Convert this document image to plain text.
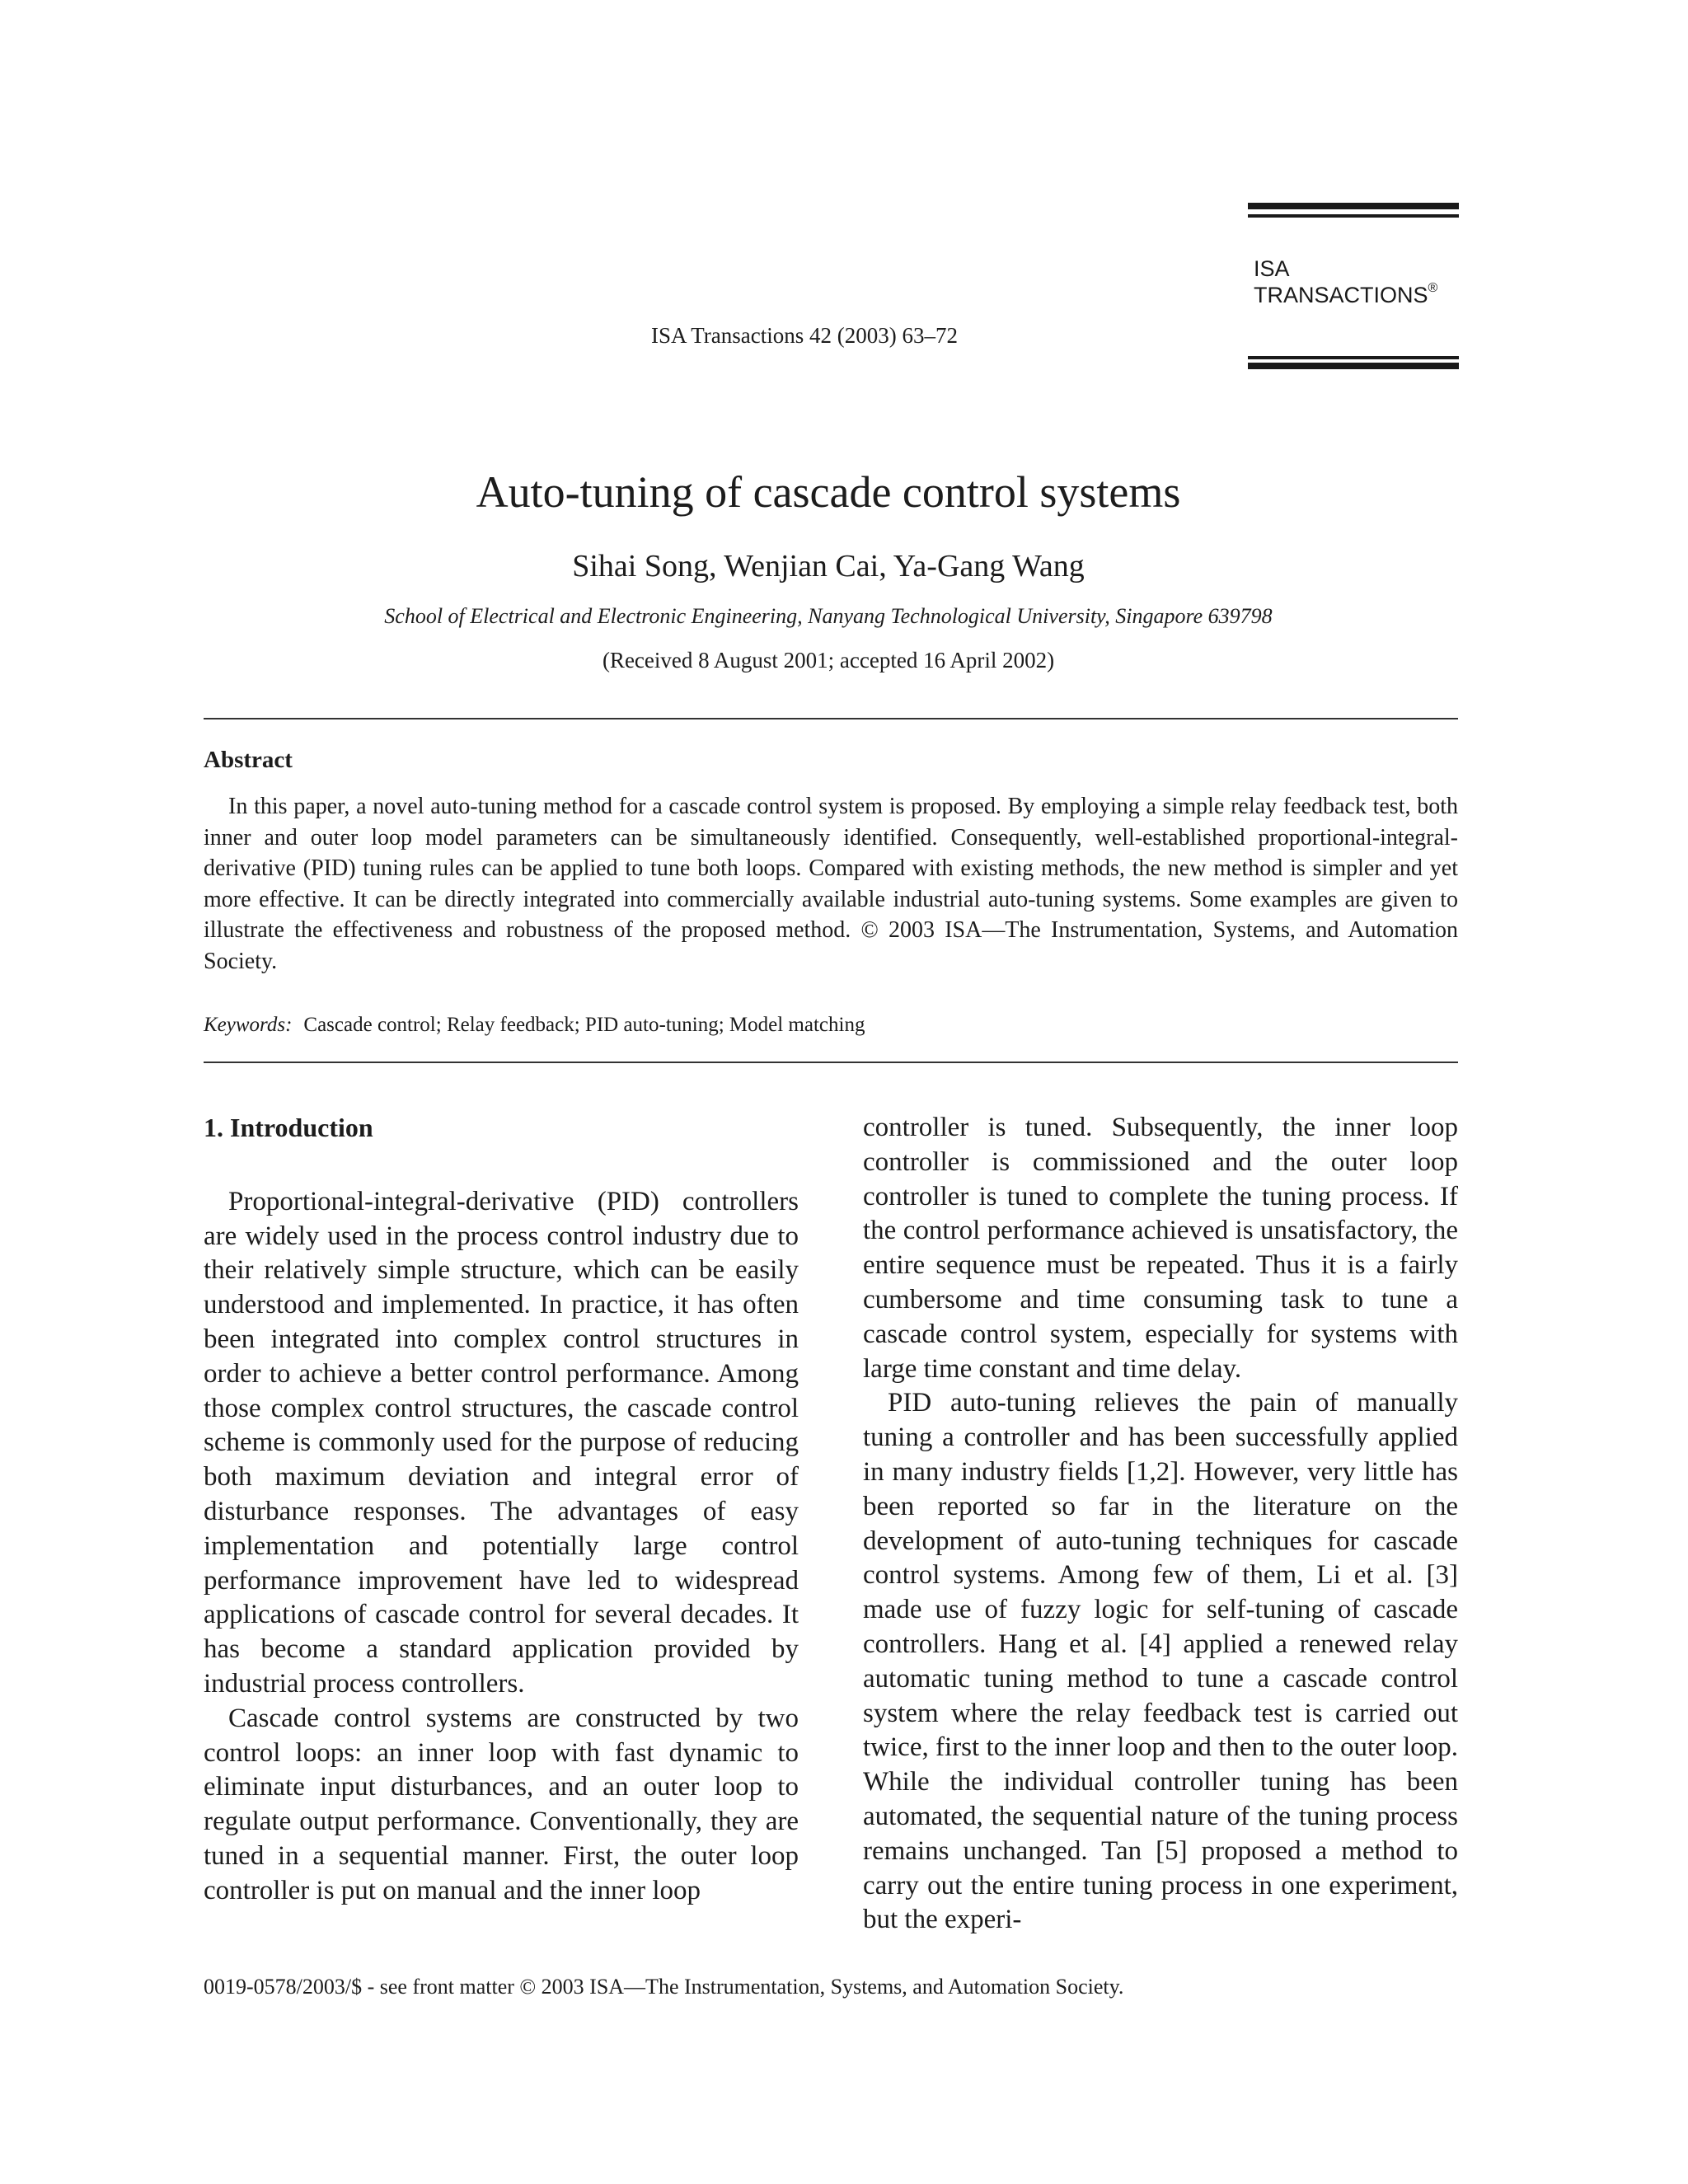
ISA Transactions 42 (2003) 63–72
ISA
TRANSACTIONS®
Auto-tuning of cascade control systems
Sihai Song, Wenjian Cai, Ya-Gang Wang
School of Electrical and Electronic Engineering, Nanyang Technological University, Singapore 639798
(Received 8 August 2001; accepted 16 April 2002)
Abstract

In this paper, a novel auto-tuning method for a cascade control system is proposed. By employing a simple relay feedback test, both inner and outer loop model parameters can be simultaneously identified. Consequently, well-established proportional-integral-derivative (PID) tuning rules can be applied to tune both loops. Compared with existing methods, the new method is simpler and yet more effective. It can be directly integrated into commercially available industrial auto-tuning systems. Some examples are given to illustrate the effectiveness and robustness of the proposed method. © 2003 ISA—The Instrumentation, Systems, and Automation Society.

Keywords: Cascade control; Relay feedback; PID auto-tuning; Model matching

1. Introduction

Proportional-integral-derivative (PID) controllers are widely used in the process control industry due to their relatively simple structure, which can be easily understood and implemented. In practice, it has often been integrated into complex control structures in order to achieve a better control performance. Among those complex control structures, the cascade control scheme is commonly used for the purpose of reducing both maximum deviation and integral error of disturbance responses. The advantages of easy implementation and potentially large control performance improvement have led to widespread applications of cascade control for several decades. It has become a standard application provided by industrial process controllers.

Cascade control systems are constructed by two control loops: an inner loop with fast dynamic to eliminate input disturbances, and an outer loop to regulate output performance. Conventionally, they are tuned in a sequential manner. First, the outer loop controller is put on manual and the inner loop

controller is tuned. Subsequently, the inner loop controller is commissioned and the outer loop controller is tuned to complete the tuning process. If the control performance achieved is unsatisfactory, the entire sequence must be repeated. Thus it is a fairly cumbersome and time consuming task to tune a cascade control system, especially for systems with large time constant and time delay.

PID auto-tuning relieves the pain of manually tuning a controller and has been successfully applied in many industry fields [1,2]. However, very little has been reported so far in the literature on the development of auto-tuning techniques for cascade control systems. Among few of them, Li et al. [3] made use of fuzzy logic for self-tuning of cascade controllers. Hang et al. [4] applied a renewed relay automatic tuning method to tune a cascade control system where the relay feedback test is carried out twice, first to the inner loop and then to the outer loop. While the individual controller tuning has been automated, the sequential nature of the tuning process remains unchanged. Tan [5] proposed a method to carry out the entire tuning process in one experiment, but the experi-

0019-0578/2003/$ - see front matter © 2003 ISA—The Instrumentation, Systems, and Automation Society.
